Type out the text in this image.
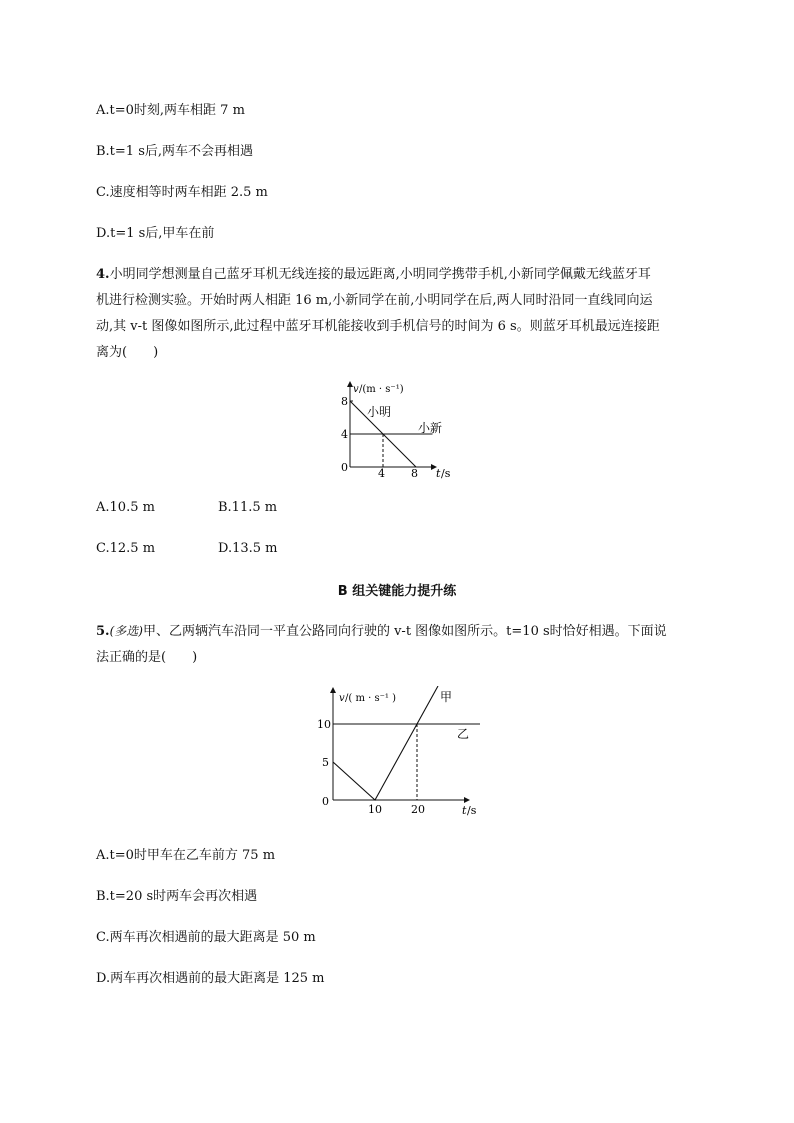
A.t=0时刻,两车相距 7 m
B.t=1 s后,两车不会再相遇
C.速度相等时两车相距 2.5 m
D.t=1 s后,甲车在前
4.小明同学想测量自己蓝牙耳机无线连接的最远距离,小明同学携带手机,小新同学佩戴无线蓝牙耳
机进行检测实验。开始时两人相距 16 m,小新同学在前,小明同学在后,两人同时沿同一直线同向运
动,其 v-t 图像如图所示,此过程中蓝牙耳机能接收到手机信号的时间为 6 s。则蓝牙耳机最远连接距
离为(　　)
v /(m · s⁻¹)
t /s
0
8
4
4 8
小明
小新
A.10.5 m	B.11.5 m
C.12.5 m	D.13.5 m
B 组关键能力提升练
5.(多选)甲、乙两辆汽车沿同一平直公路同向行驶的 v-t 图像如图所示。t=10 s时恰好相遇。下面说
法正确的是(　　)
v /( m · s⁻¹ )
t /s
0
10
5
10	20
甲
乙
A.t=0时甲车在乙车前方 75 m
B.t=20 s时两车会再次相遇
C.两车再次相遇前的最大距离是 50 m
D.两车再次相遇前的最大距离是 125 m
